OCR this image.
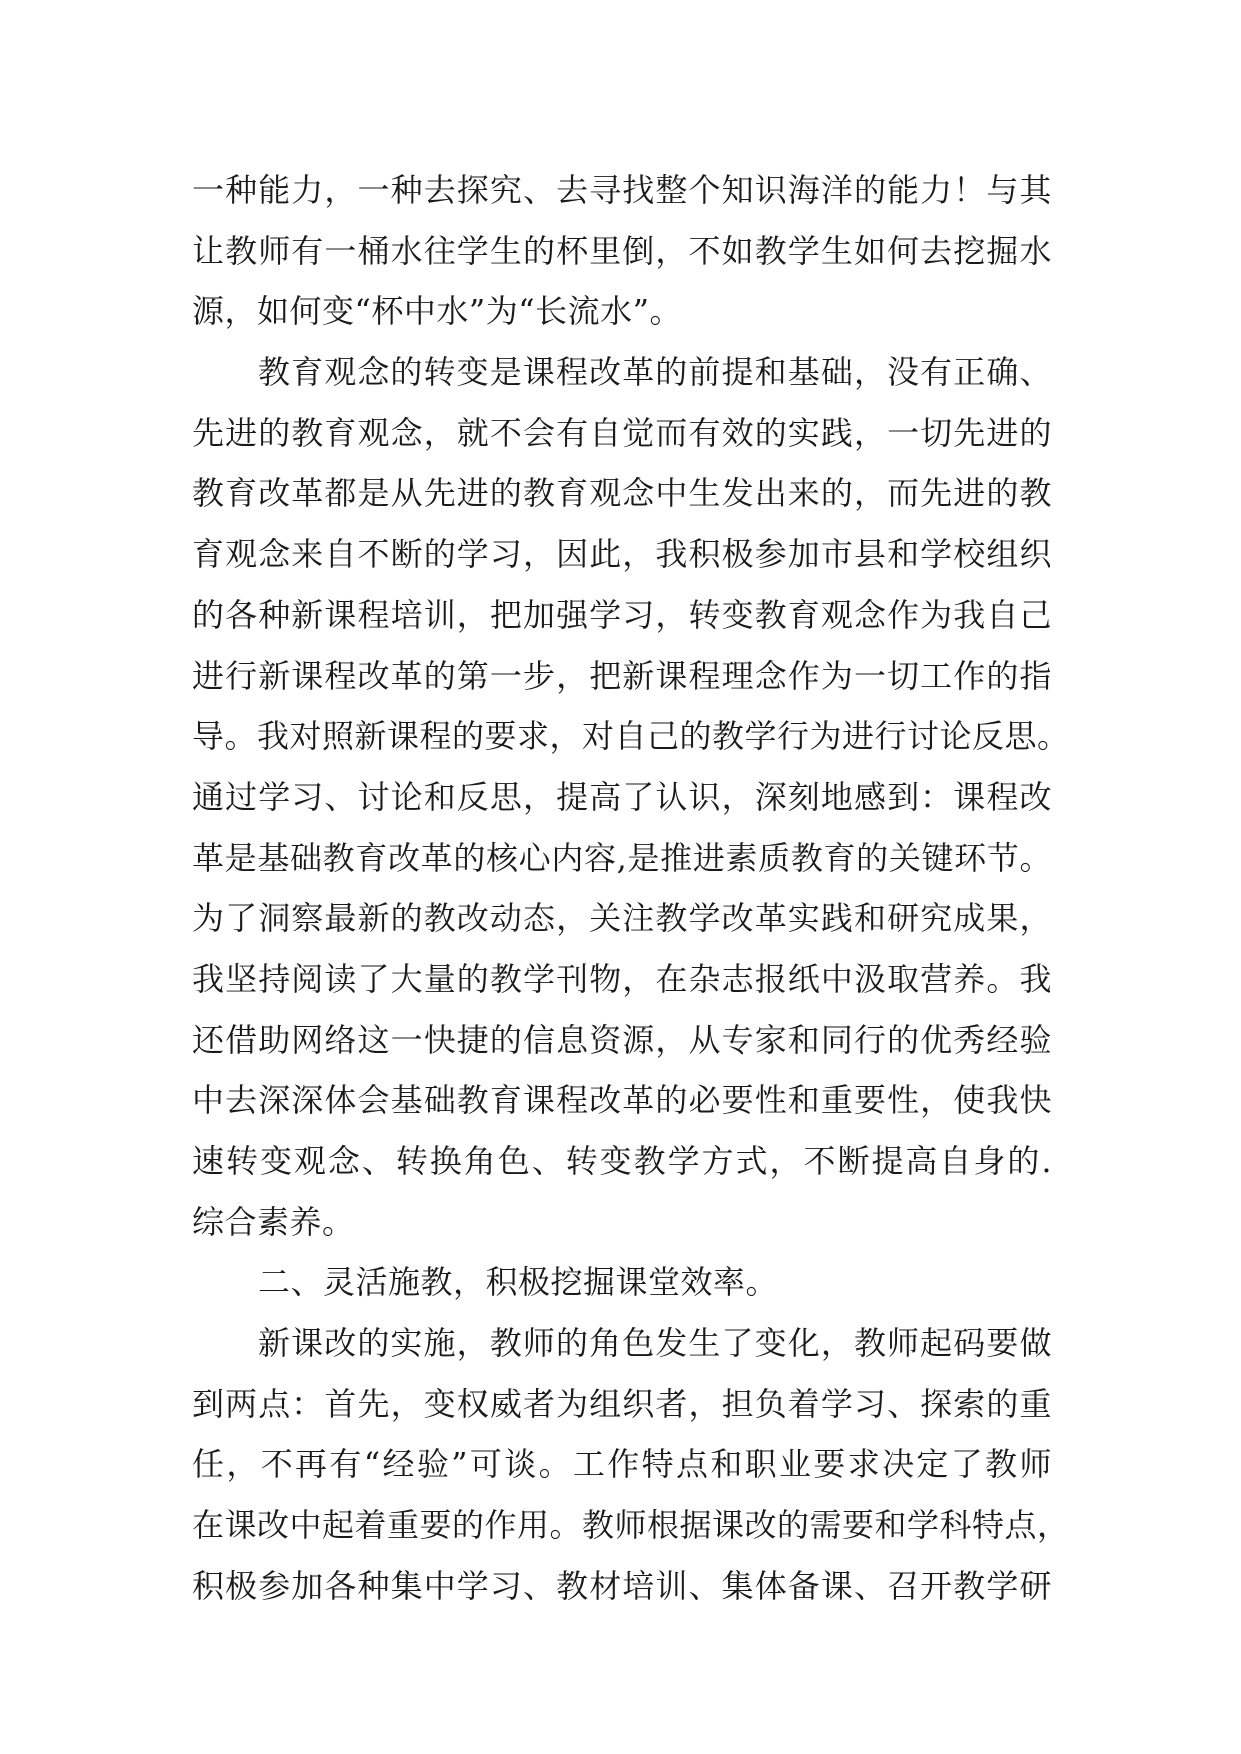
一种能力，一种去探究、去寻找整个知识海洋的能力！与其
让教师有一桶水往学生的杯里倒，不如教学生如何去挖掘水
源，如何变“杯中水”为“长流水”。
教育观念的转变是课程改革的前提和基础，没有正确、
先进的教育观念，就不会有自觉而有效的实践，一切先进的
教育改革都是从先进的教育观念中生发出来的，而先进的教
育观念来自不断的学习，因此，我积极参加市县和学校组织
的各种新课程培训，把加强学习，转变教育观念作为我自己
进行新课程改革的第一步，把新课程理念作为一切工作的指
导。我对照新课程的要求，对自己的教学行为进行讨论反思。
通过学习、讨论和反思，提高了认识，深刻地感到：课程改
革是基础教育改革的核心内容,是推进素质教育的关键环节。
为了洞察最新的教改动态，关注教学改革实践和研究成果，
我坚持阅读了大量的教学刊物，在杂志报纸中汲取营养。我
还借助网络这一快捷的信息资源，从专家和同行的优秀经验
中去深深体会基础教育课程改革的必要性和重要性，使我快
速转变观念、转换角色、转变教学方式，不断提高自身的.
综合素养。
二、灵活施教，积极挖掘课堂效率。
新课改的实施，教师的角色发生了变化，教师起码要做
到两点：首先，变权威者为组织者，担负着学习、探索的重
任，不再有“经验”可谈。工作特点和职业要求决定了教师
在课改中起着重要的作用。教师根据课改的需要和学科特点，
积极参加各种集中学习、教材培训、集体备课、召开教学研
